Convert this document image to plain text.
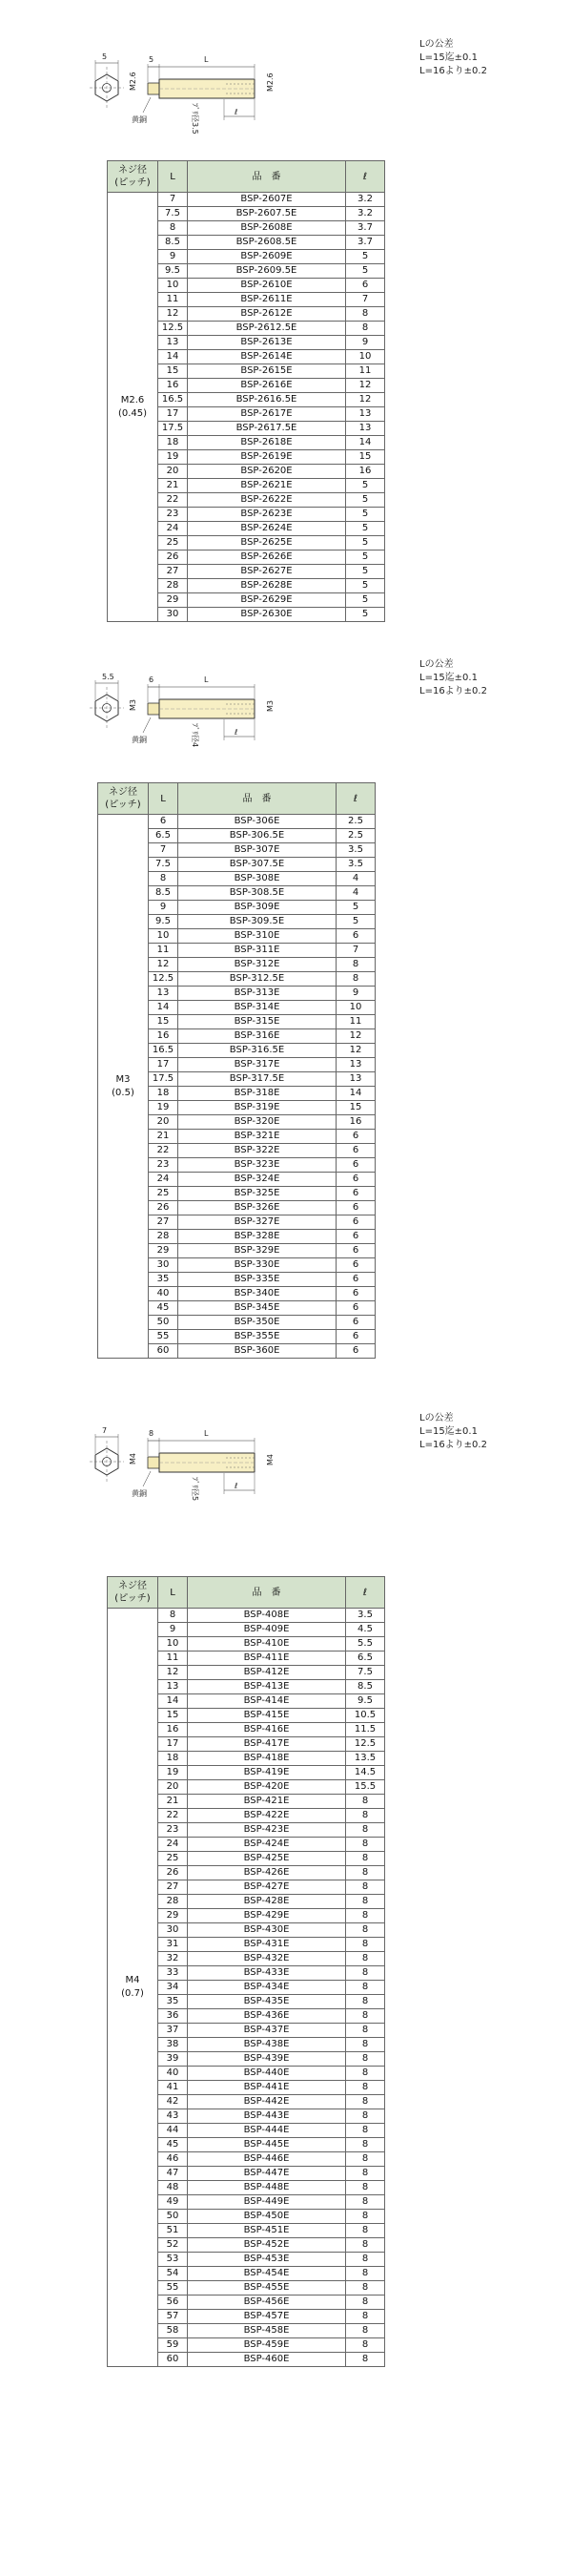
5
M2.6
5	L
M2.6
ℓ
ﾌﾞﾘ径3.5
黄銅
Lの公差
L=15迄±0.1
L=16より±0.2
ネジ径
(ピッチ)	L	品　番	ℓ
M2.6
(0.45)	7	BSP-2607E	3.2
	7.5	BSP-2607.5E	3.2
	8	BSP-2608E	3.7
	8.5	BSP-2608.5E	3.7
	9	BSP-2609E	5
	9.5	BSP-2609.5E	5
	10	BSP-2610E	6
	11	BSP-2611E	7
	12	BSP-2612E	8
	12.5	BSP-2612.5E	8
	13	BSP-2613E	9
	14	BSP-2614E	10
	15	BSP-2615E	11
	16	BSP-2616E	12
	16.5	BSP-2616.5E	12
	17	BSP-2617E	13
	17.5	BSP-2617.5E	13
	18	BSP-2618E	14
	19	BSP-2619E	15
	20	BSP-2620E	16
	21	BSP-2621E	5
	22	BSP-2622E	5
	23	BSP-2623E	5
	24	BSP-2624E	5
	25	BSP-2625E	5
	26	BSP-2626E	5
	27	BSP-2627E	5
	28	BSP-2628E	5
	29	BSP-2629E	5
	30	BSP-2630E	5
5.5
M3
6	L
M3
ℓ
ﾌﾞﾘ径4
黄銅
Lの公差
L=15迄±0.1
L=16より±0.2
ネジ径
(ピッチ)	L	品　番	ℓ
M3
(0.5)	6	BSP-306E	2.5
	6.5	BSP-306.5E	2.5
	7	BSP-307E	3.5
	7.5	BSP-307.5E	3.5
	8	BSP-308E	4
	8.5	BSP-308.5E	4
	9	BSP-309E	5
	9.5	BSP-309.5E	5
	10	BSP-310E	6
	11	BSP-311E	7
	12	BSP-312E	8
	12.5	BSP-312.5E	8
	13	BSP-313E	9
	14	BSP-314E	10
	15	BSP-315E	11
	16	BSP-316E	12
	16.5	BSP-316.5E	12
	17	BSP-317E	13
	17.5	BSP-317.5E	13
	18	BSP-318E	14
	19	BSP-319E	15
	20	BSP-320E	16
	21	BSP-321E	6
	22	BSP-322E	6
	23	BSP-323E	6
	24	BSP-324E	6
	25	BSP-325E	6
	26	BSP-326E	6
	27	BSP-327E	6
	28	BSP-328E	6
	29	BSP-329E	6
	30	BSP-330E	6
	35	BSP-335E	6
	40	BSP-340E	6
	45	BSP-345E	6
	50	BSP-350E	6
	55	BSP-355E	6
	60	BSP-360E	6
7
M4
8	L
M4
ℓ
ﾌﾞﾘ径5
黄銅
Lの公差
L=15迄±0.1
L=16より±0.2
ネジ径
(ピッチ)	L	品　番	ℓ
M4
(0.7)	8	BSP-408E	3.5
	9	BSP-409E	4.5
	10	BSP-410E	5.5
	11	BSP-411E	6.5
	12	BSP-412E	7.5
	13	BSP-413E	8.5
	14	BSP-414E	9.5
	15	BSP-415E	10.5
	16	BSP-416E	11.5
	17	BSP-417E	12.5
	18	BSP-418E	13.5
	19	BSP-419E	14.5
	20	BSP-420E	15.5
	21	BSP-421E	8
	22	BSP-422E	8
	23	BSP-423E	8
	24	BSP-424E	8
	25	BSP-425E	8
	26	BSP-426E	8
	27	BSP-427E	8
	28	BSP-428E	8
	29	BSP-429E	8
	30	BSP-430E	8
	31	BSP-431E	8
	32	BSP-432E	8
	33	BSP-433E	8
	34	BSP-434E	8
	35	BSP-435E	8
	36	BSP-436E	8
	37	BSP-437E	8
	38	BSP-438E	8
	39	BSP-439E	8
	40	BSP-440E	8
	41	BSP-441E	8
	42	BSP-442E	8
	43	BSP-443E	8
	44	BSP-444E	8
	45	BSP-445E	8
	46	BSP-446E	8
	47	BSP-447E	8
	48	BSP-448E	8
	49	BSP-449E	8
	50	BSP-450E	8
	51	BSP-451E	8
	52	BSP-452E	8
	53	BSP-453E	8
	54	BSP-454E	8
	55	BSP-455E	8
	56	BSP-456E	8
	57	BSP-457E	8
	58	BSP-458E	8
	59	BSP-459E	8
	60	BSP-460E	8
